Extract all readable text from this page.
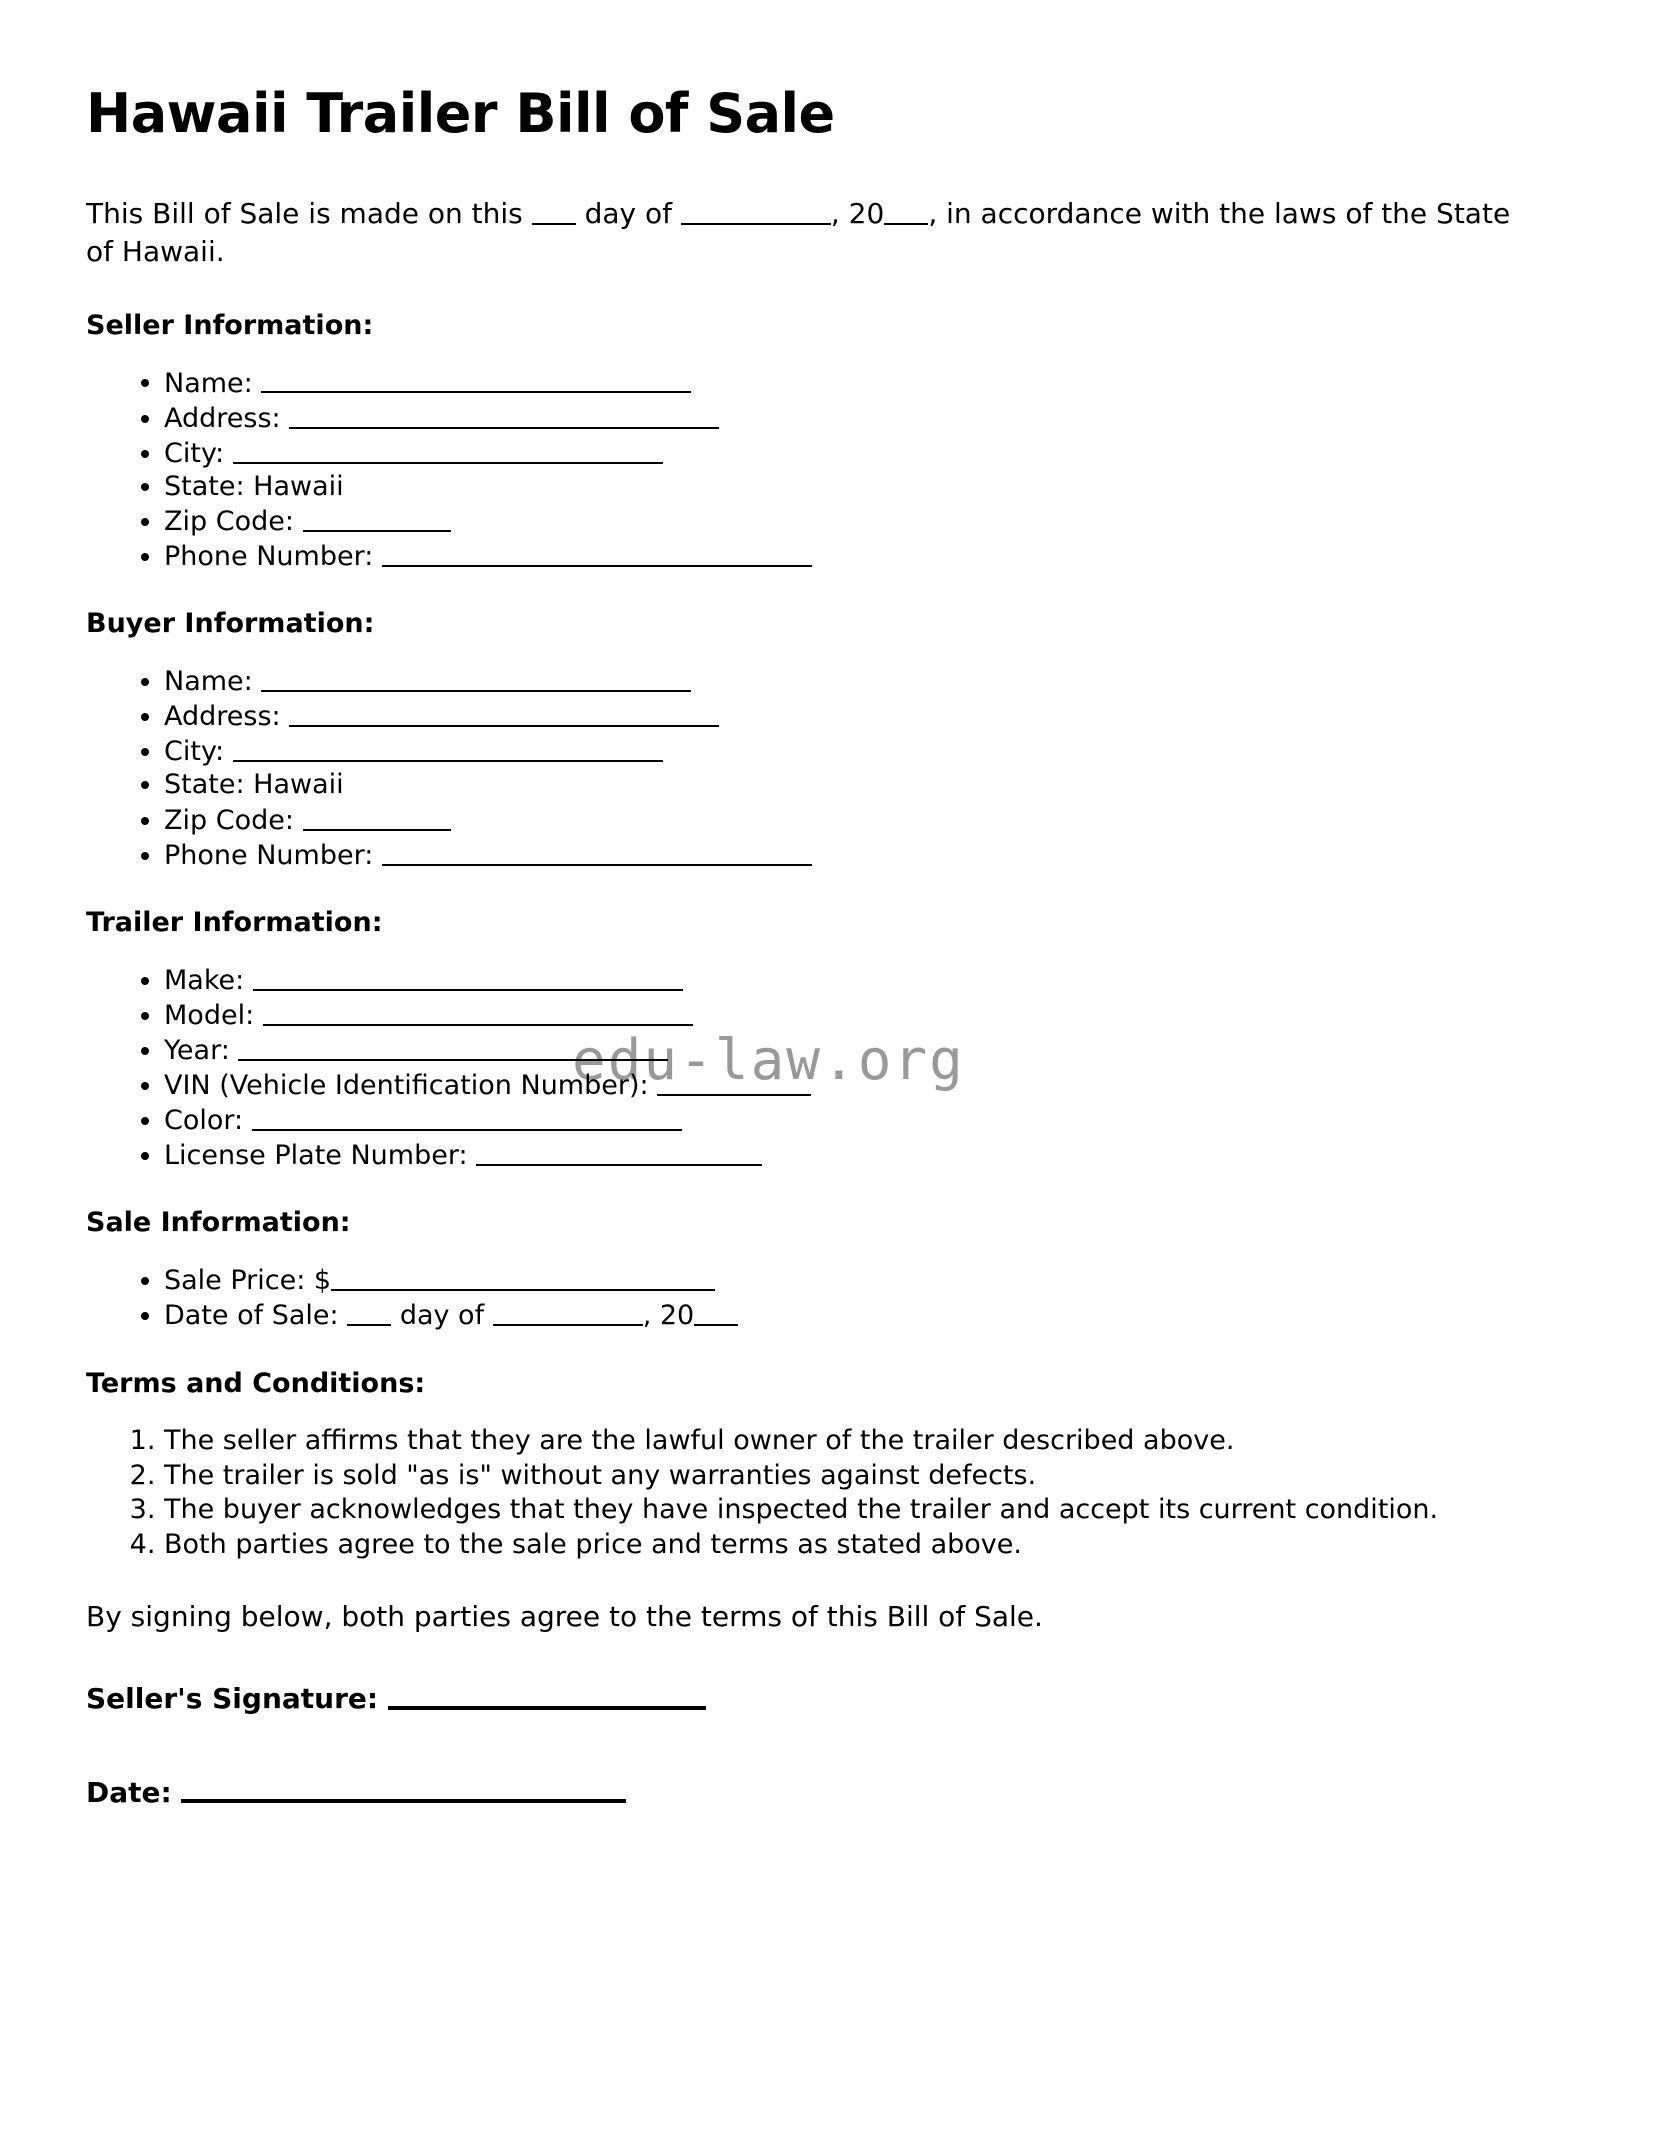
edu-law.org
Hawaii Trailer Bill of Sale

This Bill of Sale is made on this day of	, 20 , in accordance with the laws of the State of Hawaii.

Seller Information:
• Name:
• Address:
• City:
• State: Hawaii
• Zip Code:
• Phone Number:
Buyer Information:
• Name:
• Address:
• City:
• State: Hawaii
• Zip Code:
• Phone Number:
Trailer Information:
• Make:
• Model:
• Year:
• VIN (Vehicle Identification Number):
• Color:
• License Plate Number:
Sale Information:
• Sale Price: $
• Date of Sale: day of	, 20
Terms and Conditions:
1. The seller affirms that they are the lawful owner of the trailer described above.
2. The trailer is sold "as is" without any warranties against defects.
3. The buyer acknowledges that they have inspected the trailer and accept its current condition.
4. Both parties agree to the sale price and terms as stated above.

By signing below, both parties agree to the terms of this Bill of Sale.

Seller's Signature:
Date:
